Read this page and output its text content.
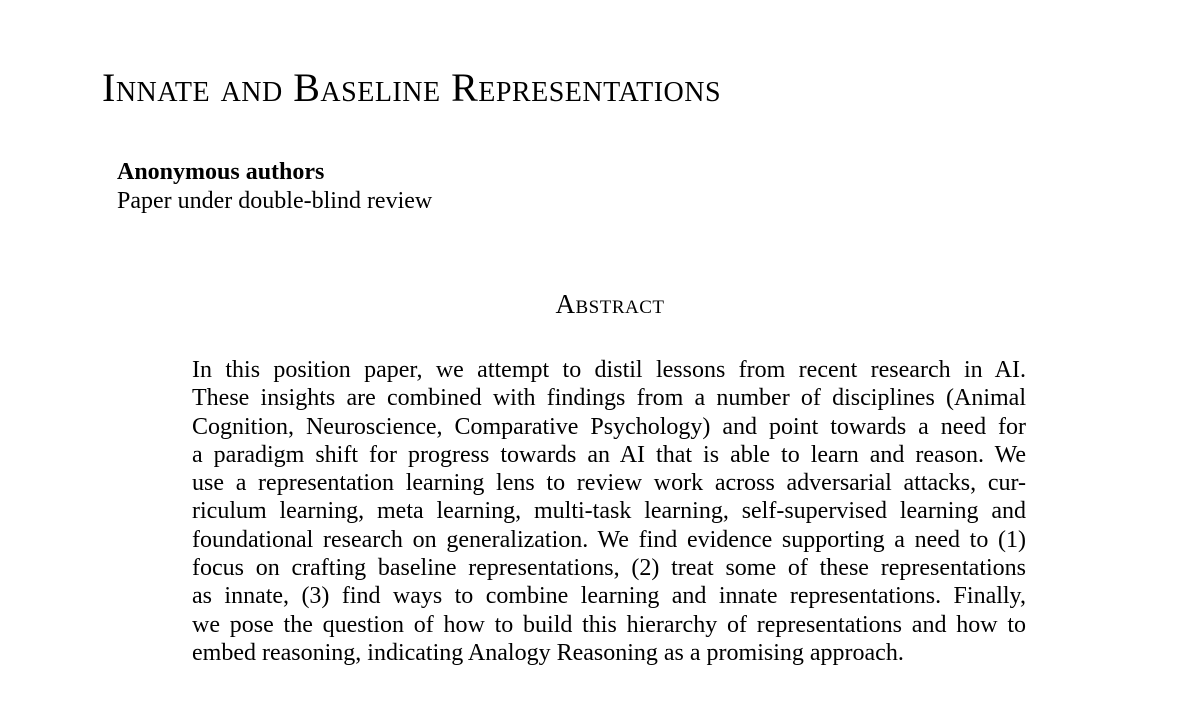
Innate and Baseline Representations
Anonymous authors
Paper under double-blind review
Abstract
In this position paper, we attempt to distil lessons from recent research in AI.
These insights are combined with findings from a number of disciplines (Animal
Cognition, Neuroscience, Comparative Psychology) and point towards a need for
a paradigm shift for progress towards an AI that is able to learn and reason. We
use a representation learning lens to review work across adversarial attacks, cur-
riculum learning, meta learning, multi-task learning, self-supervised learning and
foundational research on generalization. We find evidence supporting a need to (1)
focus on crafting baseline representations, (2) treat some of these representations
as innate, (3) find ways to combine learning and innate representations. Finally,
we pose the question of how to build this hierarchy of representations and how to
embed reasoning, indicating Analogy Reasoning as a promising approach.
